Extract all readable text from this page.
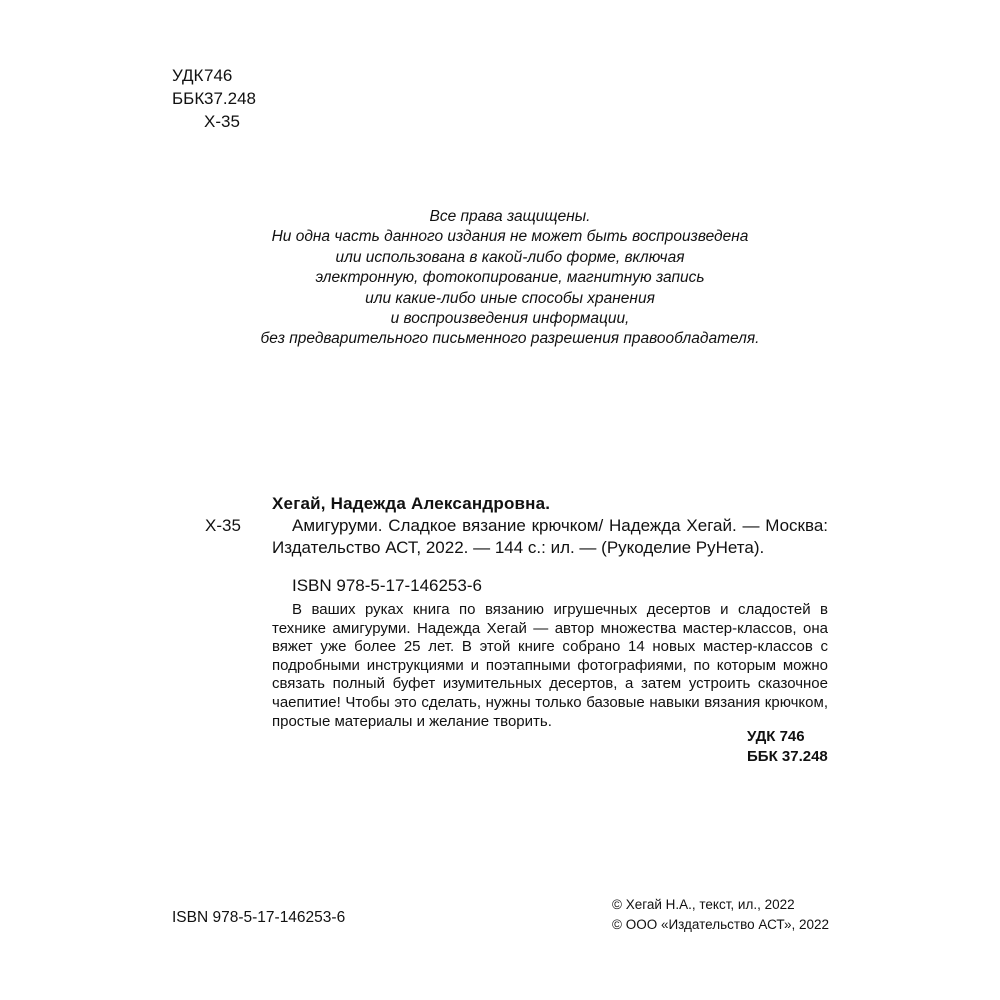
УДК746
ББК37.248
Х-35
Все права защищены.
Ни одна часть данного издания не может быть воспроизведена
или использована в какой-либо форме, включая
электронную, фотокопирование, магнитную запись
или какие-либо иные способы хранения
и воспроизведения информации,
без предварительного письменного разрешения правообладателя.
Х-35
Хегай, Надежда Александровна.
Амигуруми. Сладкое вязание крючком/ Надежда Хегай. — Москва:
Издательство АСТ, 2022. — 144 с.: ил. — (Рукоделие РуНета).
ISBN 978-5-17-146253-6
В ваших руках книга по вязанию игрушечных десертов и сладостей в технике амигуруми. Надежда Хегай — автор множества мастер-классов, она вяжет уже более 25 лет. В этой книге собрано 14 новых мастер-классов с подробными инструкциями и поэтапными фотографиями, по которым можно связать полный буфет изумительных десертов, а затем устроить сказочное чаепитие! Чтобы это сделать, нужны только базовые навыки вязания крючком, простые материалы и желание творить.
УДК 746
ББК 37.248
ISBN 978-5-17-146253-6
© Хегай Н.А., текст, ил., 2022
© ООО «Издательство АСТ», 2022
